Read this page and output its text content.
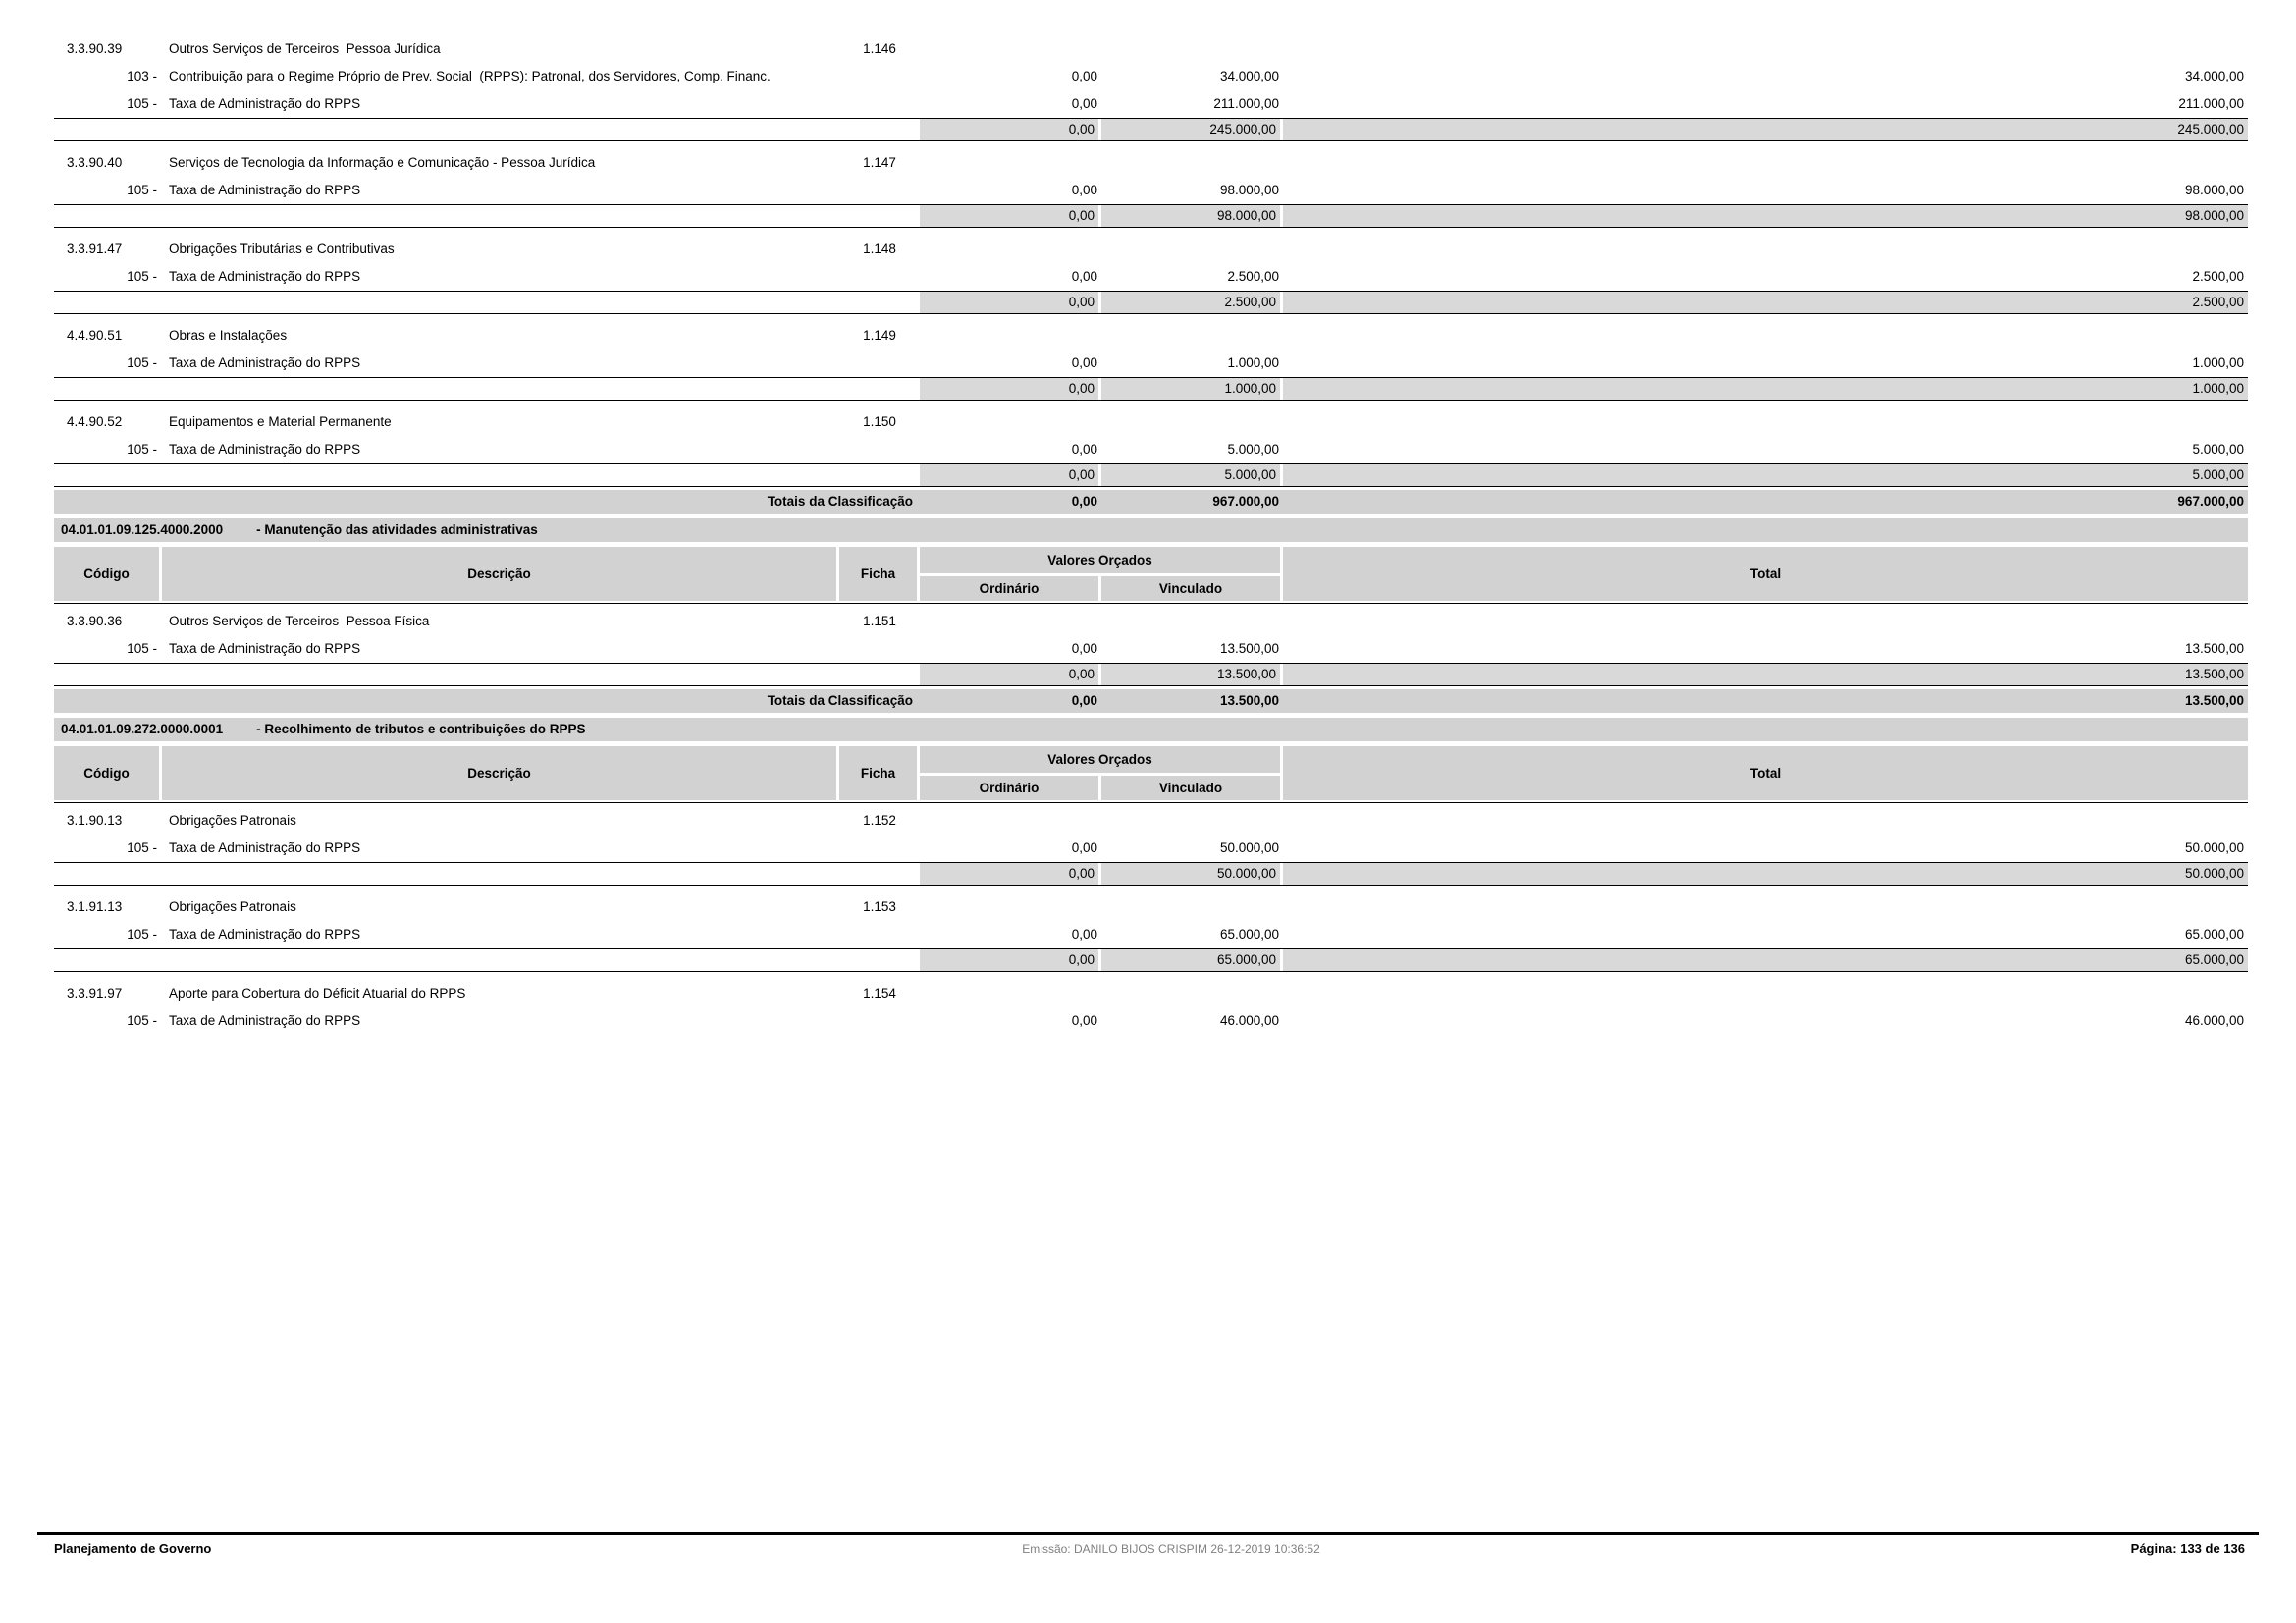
3.3.90.39	Outros Serviços de Terceiros  Pessoa Jurídica	1.146
103 - Contribuição para o Regime Próprio de Prev. Social  (RPPS): Patronal, dos Servidores, Comp. Financ.	0,00	34.000,00	34.000,00
105 - Taxa de Administração do RPPS	0,00	211.000,00	211.000,00
0,00	245.000,00	245.000,00
3.3.90.40	Serviços de Tecnologia da Informação e Comunicação - Pessoa Jurídica	1.147
105 - Taxa de Administração do RPPS	0,00	98.000,00	98.000,00
0,00	98.000,00	98.000,00
3.3.91.47	Obrigações Tributárias e Contributivas	1.148
105 - Taxa de Administração do RPPS	0,00	2.500,00	2.500,00
0,00	2.500,00	2.500,00
4.4.90.51	Obras e Instalações	1.149
105 - Taxa de Administração do RPPS	0,00	1.000,00	1.000,00
0,00	1.000,00	1.000,00
4.4.90.52	Equipamentos e Material Permanente	1.150
105 - Taxa de Administração do RPPS	0,00	5.000,00	5.000,00
0,00	5.000,00	5.000,00
Totais da Classificação	0,00	967.000,00	967.000,00
04.01.01.09.125.4000.2000	- Manutenção das atividades administrativas
Código	Descrição	Ficha
Valores Orçados
Ordinário	Vinculado
Total
3.3.90.36	Outros Serviços de Terceiros  Pessoa Física	1.151
105 - Taxa de Administração do RPPS	0,00	13.500,00	13.500,00
0,00	13.500,00	13.500,00
Totais da Classificação	0,00	13.500,00	13.500,00
04.01.01.09.272.0000.0001	- Recolhimento de tributos e contribuições do RPPS
Código	Descrição	Ficha
Valores Orçados
Ordinário	Vinculado
Total
3.1.90.13	Obrigações Patronais	1.152
105 - Taxa de Administração do RPPS	0,00	50.000,00	50.000,00
0,00	50.000,00	50.000,00
3.1.91.13	Obrigações Patronais	1.153
105 - Taxa de Administração do RPPS	0,00	65.000,00	65.000,00
0,00	65.000,00	65.000,00
3.3.91.97	Aporte para Cobertura do Déficit Atuarial do RPPS	1.154
105 - Taxa de Administração do RPPS	0,00	46.000,00	46.000,00
Planejamento de Governo	Emissão: DANILO BIJOS CRISPIM 26-12-2019 10:36:52	Página: 133 de 136
